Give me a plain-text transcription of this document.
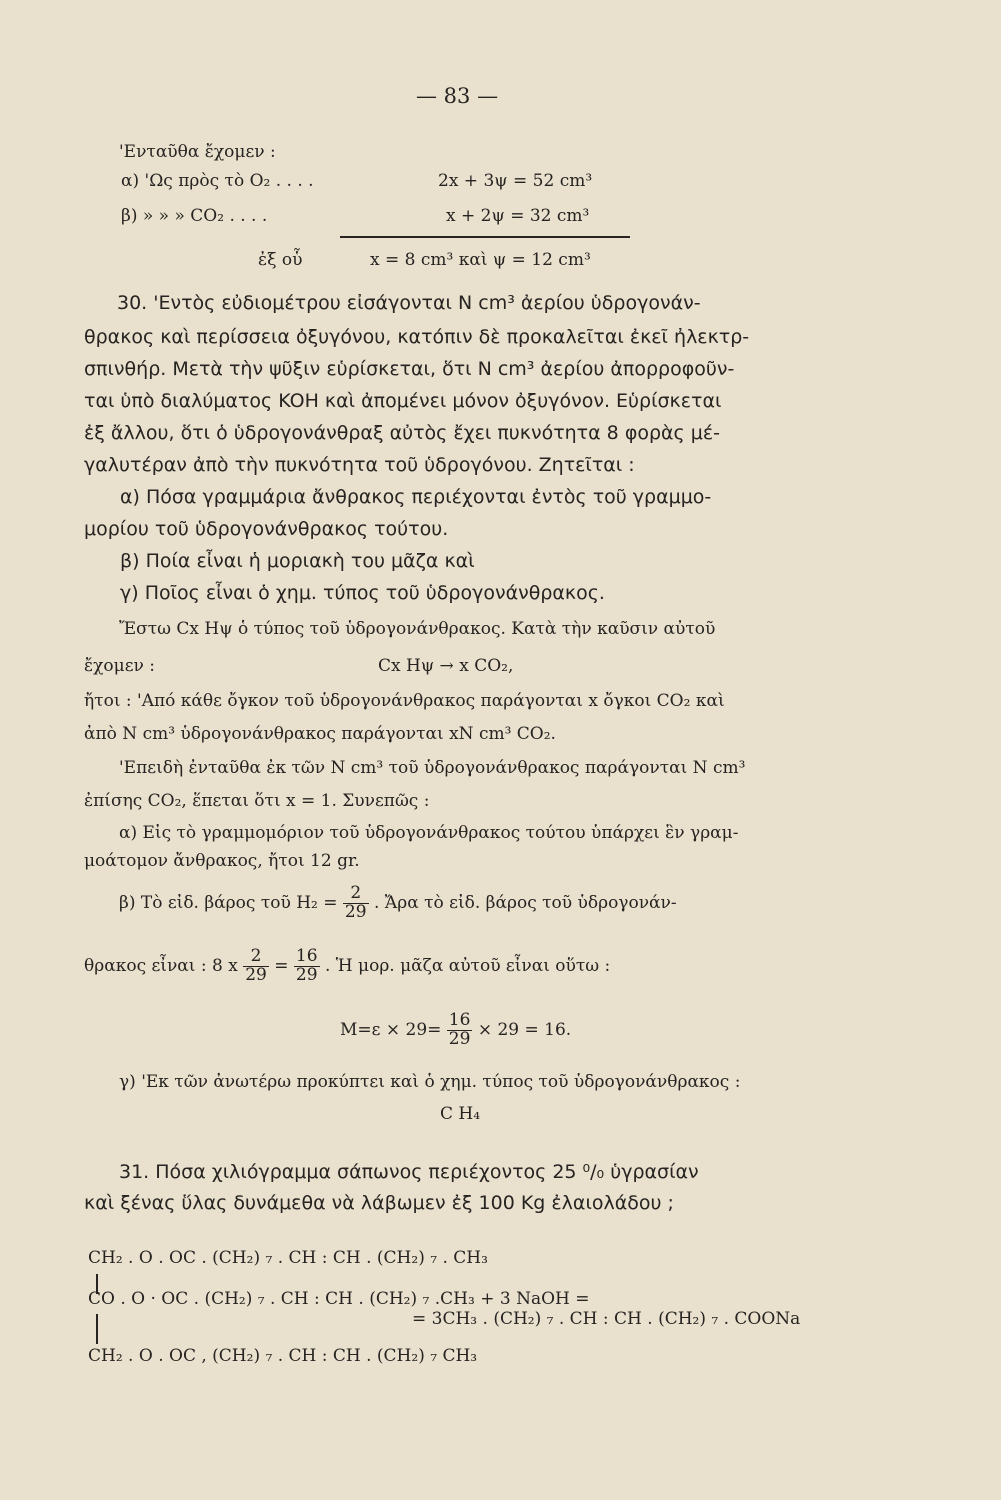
— 83 —
'Ενταῦθα ἔχομεν :
α) 'Ως πρὸς τὸ O₂ . . . .	2x + 3ψ = 52 cm³
β) » » » CO₂ . . . .	x + 2ψ = 32 cm³
ἐξ οὗ	x = 8 cm³ καὶ ψ = 12 cm³
30. 'Εντὸς εὐδιομέτρου εἰσάγονται N cm³ ἀερίου ὑδρογονάν-
θρακος καὶ περίσσεια ὀξυγόνου, κατόπιν δὲ προκαλεῖται ἐκεῖ ἠλεκτρ-
σπινθήρ. Μετὰ τὴν ψῦξιν εὑρίσκεται, ὅτι N cm³ ἀερίου ἀπορροφοῦν-
ται ὑπὸ διαλύματος KOH καὶ ἀπομένει μόνον ὀξυγόνον. Εὑρίσκεται
ἐξ ἄλλου, ὅτι ὁ ὑδρογονάνθραξ αὐτὸς ἔχει πυκνότητα 8 φορὰς μέ-
γαλυτέραν ἀπὸ τὴν πυκνότητα τοῦ ὑδρογόνου. Ζητεῖται :
α) Πόσα γραμμάρια ἄνθρακος περιέχονται ἐντὸς τοῦ γραμμο-
μορίου τοῦ ὑδρογονάνθρακος τούτου.
β) Ποία εἶναι ἡ μοριακὴ του μᾶζα καὶ
γ) Ποῖος εἶναι ὁ χημ. τύπος τοῦ ὑδρογονάνθρακος.
Ἔστω Cx Hψ ὁ τύπος τοῦ ὑδρογονάνθρακος. Κατὰ τὴν καῦσιν αὐτοῦ
ἔχομεν :	Cx Hψ → x CO₂,
ἤτοι : 'Από κάθε ὄγκον τοῦ ὑδρογονάνθρακος παράγονται x ὄγκοι CO₂ καὶ
ἀπὸ N cm³ ὑδρογονάνθρακος παράγονται xN cm³ CO₂.
'Επειδὴ ἐνταῦθα ἐκ τῶν N cm³ τοῦ ὑδρογονάνθρακος παράγονται N cm³
ἐπίσης CO₂, ἕπεται ὅτι x = 1. Συνεπῶς :
α) Εἰς τὸ γραμμομόριον τοῦ ὑδρογονάνθρακος τούτου ὑπάρχει ἓν γραμ-
μοάτομον ἄνθρακος, ἤτοι 12 gr.
β) Τὸ εἰδ. βάρος τοῦ $H_2 = \frac{2}{29}$ . Ἄρα τὸ εἰδ. βάρος τοῦ ὑδρογονάν-
θρακος εἶναι : 8 x $\frac{2}{29} = \frac{16}{29}$ . Ἡ μορ. μᾶζα αὐτοῦ εἶναι οὕτω :
$M=\varepsilon \times 29= \frac{16}{29} \times 29 = 16$.
γ) 'Εκ τῶν ἀνωτέρω προκύπτει καὶ ὁ χημ. τύπος τοῦ ὑδρογονάνθρακος :
C H₄
31. Πόσα χιλιόγραμμα σάπωνος περιέχοντος 25 ⁰/₀ ὑγρασίαν
καὶ ξένας ὕλας δυνάμεθα νὰ λάβωμεν ἐξ 100 Kg ἐλαιολάδου ;
CH₂ . O . OC . (CH₂) ₇ . CH : CH . (CH₂) ₇ . CH₃
CO . O · OC . (CH₂) ₇ . CH : CH . (CH₂) ₇ .CH₃ + 3 NaOH =
= 3CH₃ . (CH₂) ₇ . CH : CH . (CH₂) ₇ . COONa
CH₂ . O . OC , (CH₂) ₇ . CH : CH . (CH₂) ₇ CH₃
